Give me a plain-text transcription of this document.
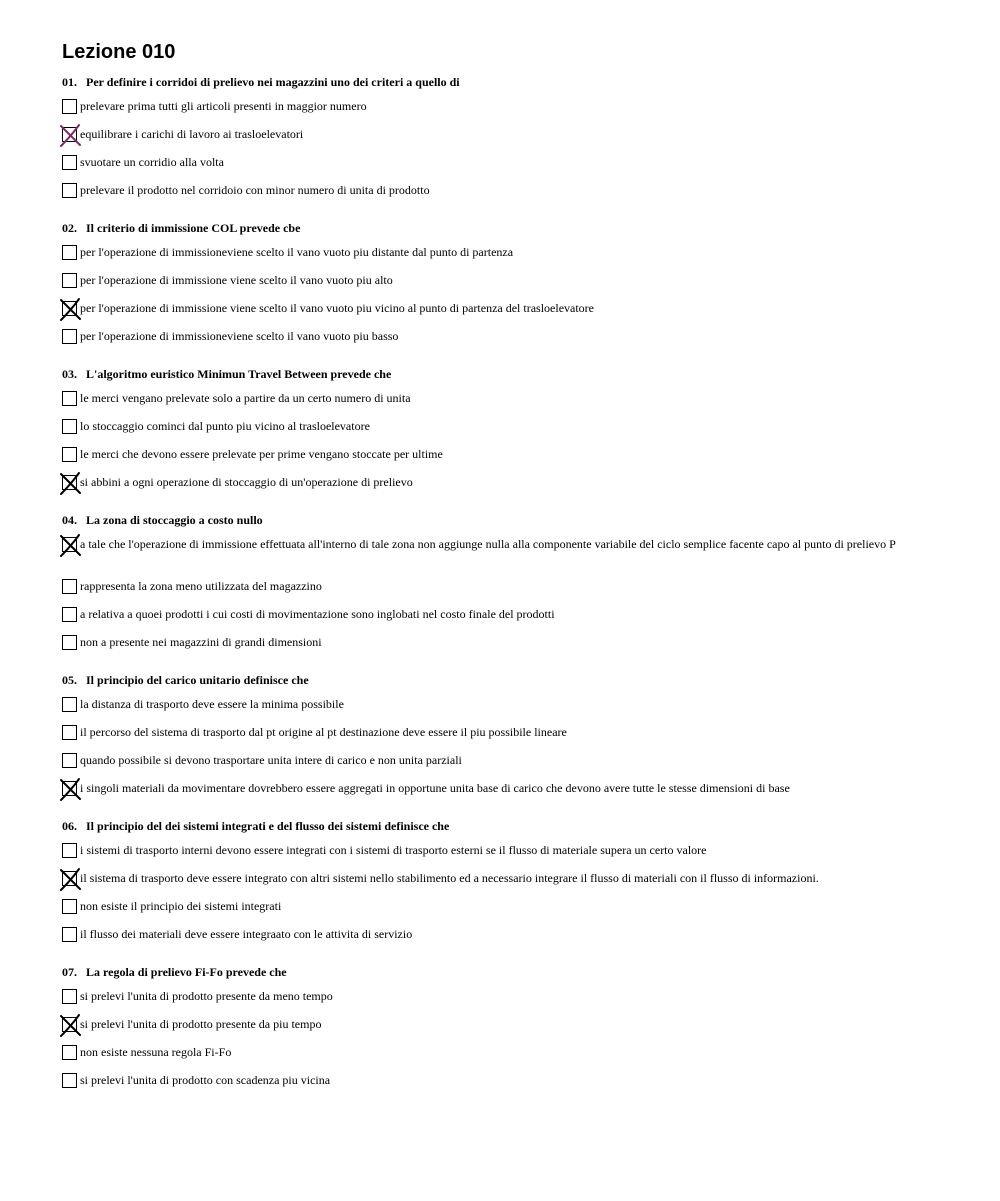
Lezione 010
01. Per definire i corridoi di prelievo nei magazzini uno dei criteri a quello di
prelevare prima tutti gli articoli presenti in maggior numero
equilibrare i carichi di lavoro ai trasloelevatori
svuotare un corridio alla volta
prelevare il prodotto nel corridoio con minor numero di unita di prodotto
02. Il criterio di immissione COL prevede cbe
per l'operazione di immissioneviene scelto il vano vuoto piu distante dal punto di partenza
per l'operazione di immissione viene scelto il vano vuoto piu alto
per l'operazione di immissione viene scelto il vano vuoto piu vicino al punto di partenza del trasloelevatore
per l'operazione di immissioneviene scelto il vano vuoto piu basso
03. L'algoritmo euristico Minimun Travel Between prevede che
le merci vengano prelevate solo a partire da un certo numero di unita
lo stoccaggio cominci dal punto piu vicino al trasloelevatore
le merci che devono essere prelevate per prime vengano stoccate per ultime
si abbini a ogni operazione di stoccaggio di un'operazione di prelievo
04. La zona di stoccaggio a costo nullo
a tale che l'operazione di immissione effettuata all'interno di tale zona non aggiunge nulla alla componente variabile del ciclo semplice facente capo al punto di prelievo P
rappresenta la zona meno utilizzata del magazzino
a relativa a quoei prodotti i cui costi di movimentazione sono inglobati nel costo finale del prodotti
non a presente nei magazzini di grandi dimensioni
05. Il principio del carico unitario definisce che
la distanza di trasporto deve essere la minima possibile
il percorso del sistema di trasporto dal pt origine al pt destinazione deve essere il piu possibile lineare
quando possibile si devono trasportare unita intere di carico e non unita parziali
i singoli materiali da movimentare dovrebbero essere aggregati in opportune unita base di carico che devono avere tutte le stesse dimensioni di base
06. Il principio del dei sistemi integrati e del flusso dei sistemi definisce che
i sistemi di trasporto interni devono essere integrati con i sistemi di trasporto esterni se il flusso di materiale supera un certo valore
il sistema di trasporto deve essere integrato con altri sistemi nello stabilimento ed a necessario integrare il flusso di materiali con il flusso di informazioni.
non esiste il principio dei sistemi integrati
il flusso dei materiali deve essere integraato con le attivita di servizio
07. La regola di prelievo Fi-Fo prevede che
si prelevi l'unita di prodotto presente da meno tempo
si prelevi l'unita di prodotto presente da piu tempo
non esiste nessuna regola Fi-Fo
si prelevi l'unita di prodotto con scadenza piu vicina
